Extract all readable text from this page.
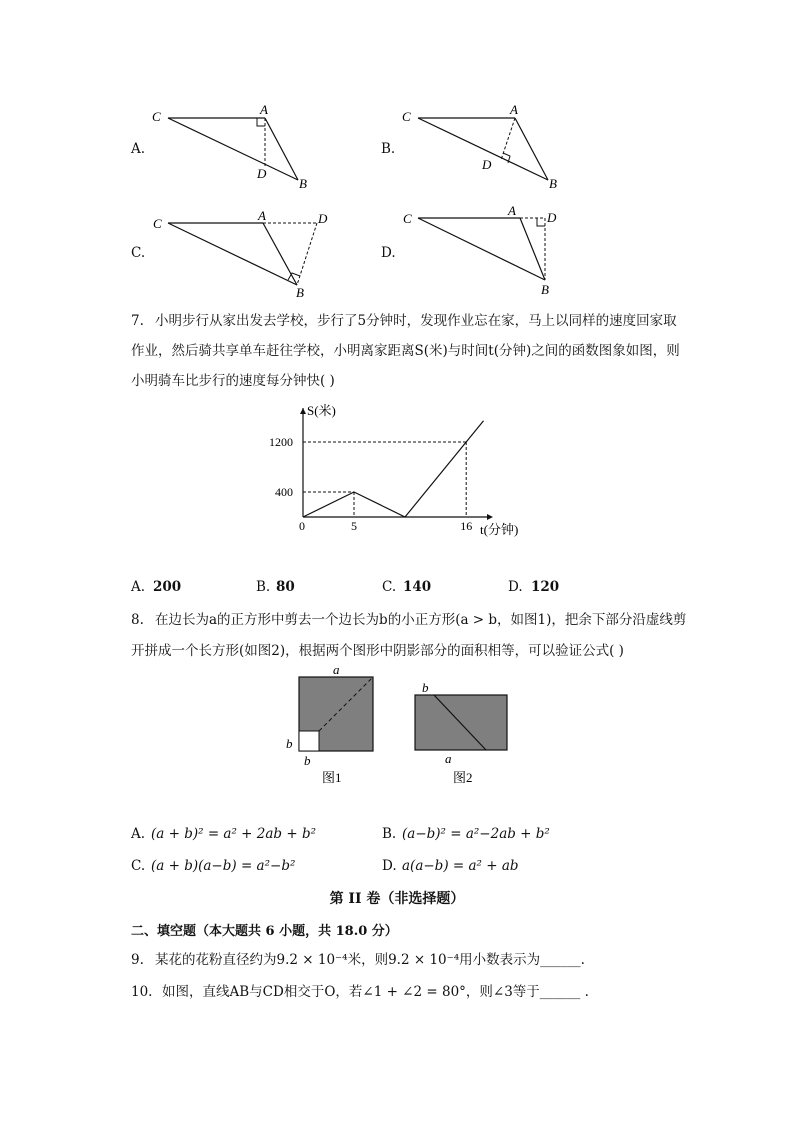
A.
C	A
D
B
B.
C	A
D
B
C.
C
A	D
B
D.
C
A D
B
7. 小明步行从家出发去学校，步行了5分钟时，发现作业忘在家，马上以同样的速度回家取
作业，然后骑共享单车赶往学校，小明离家距离S(米)与时间t(分钟)之间的函数图象如图，则
小明骑车比步行的速度每分钟快( )
S(米)
t(分钟)
0
1200
400
5	16
A. 200	B. 80	C. 140	D. 120
8. 在边长为a的正方形中剪去一个边长为b的小正方形(a > b，如图1)，把余下部分沿虚线剪
开拼成一个长方形(如图2)，根据两个图形中阴影部分的面积相等，可以验证公式( )
a
b
b
图1
b
a
图2
A. (a + b)² = a² + 2ab + b²	B. (a−b)² = a²−2ab + b²
C. (a + b)(a−b) = a²−b²	D. a(a−b) = a² + ab
第 II 卷（非选择题）
二、填空题（本大题共 6 小题，共 18.0 分）
9. 某花的花粉直径约为9.2 × 10⁻⁴米，则9.2 × 10⁻⁴用小数表示为______.
10. 如图，直线AB与CD相交于O，若∠1 + ∠2 = 80°，则∠3等于______ .
